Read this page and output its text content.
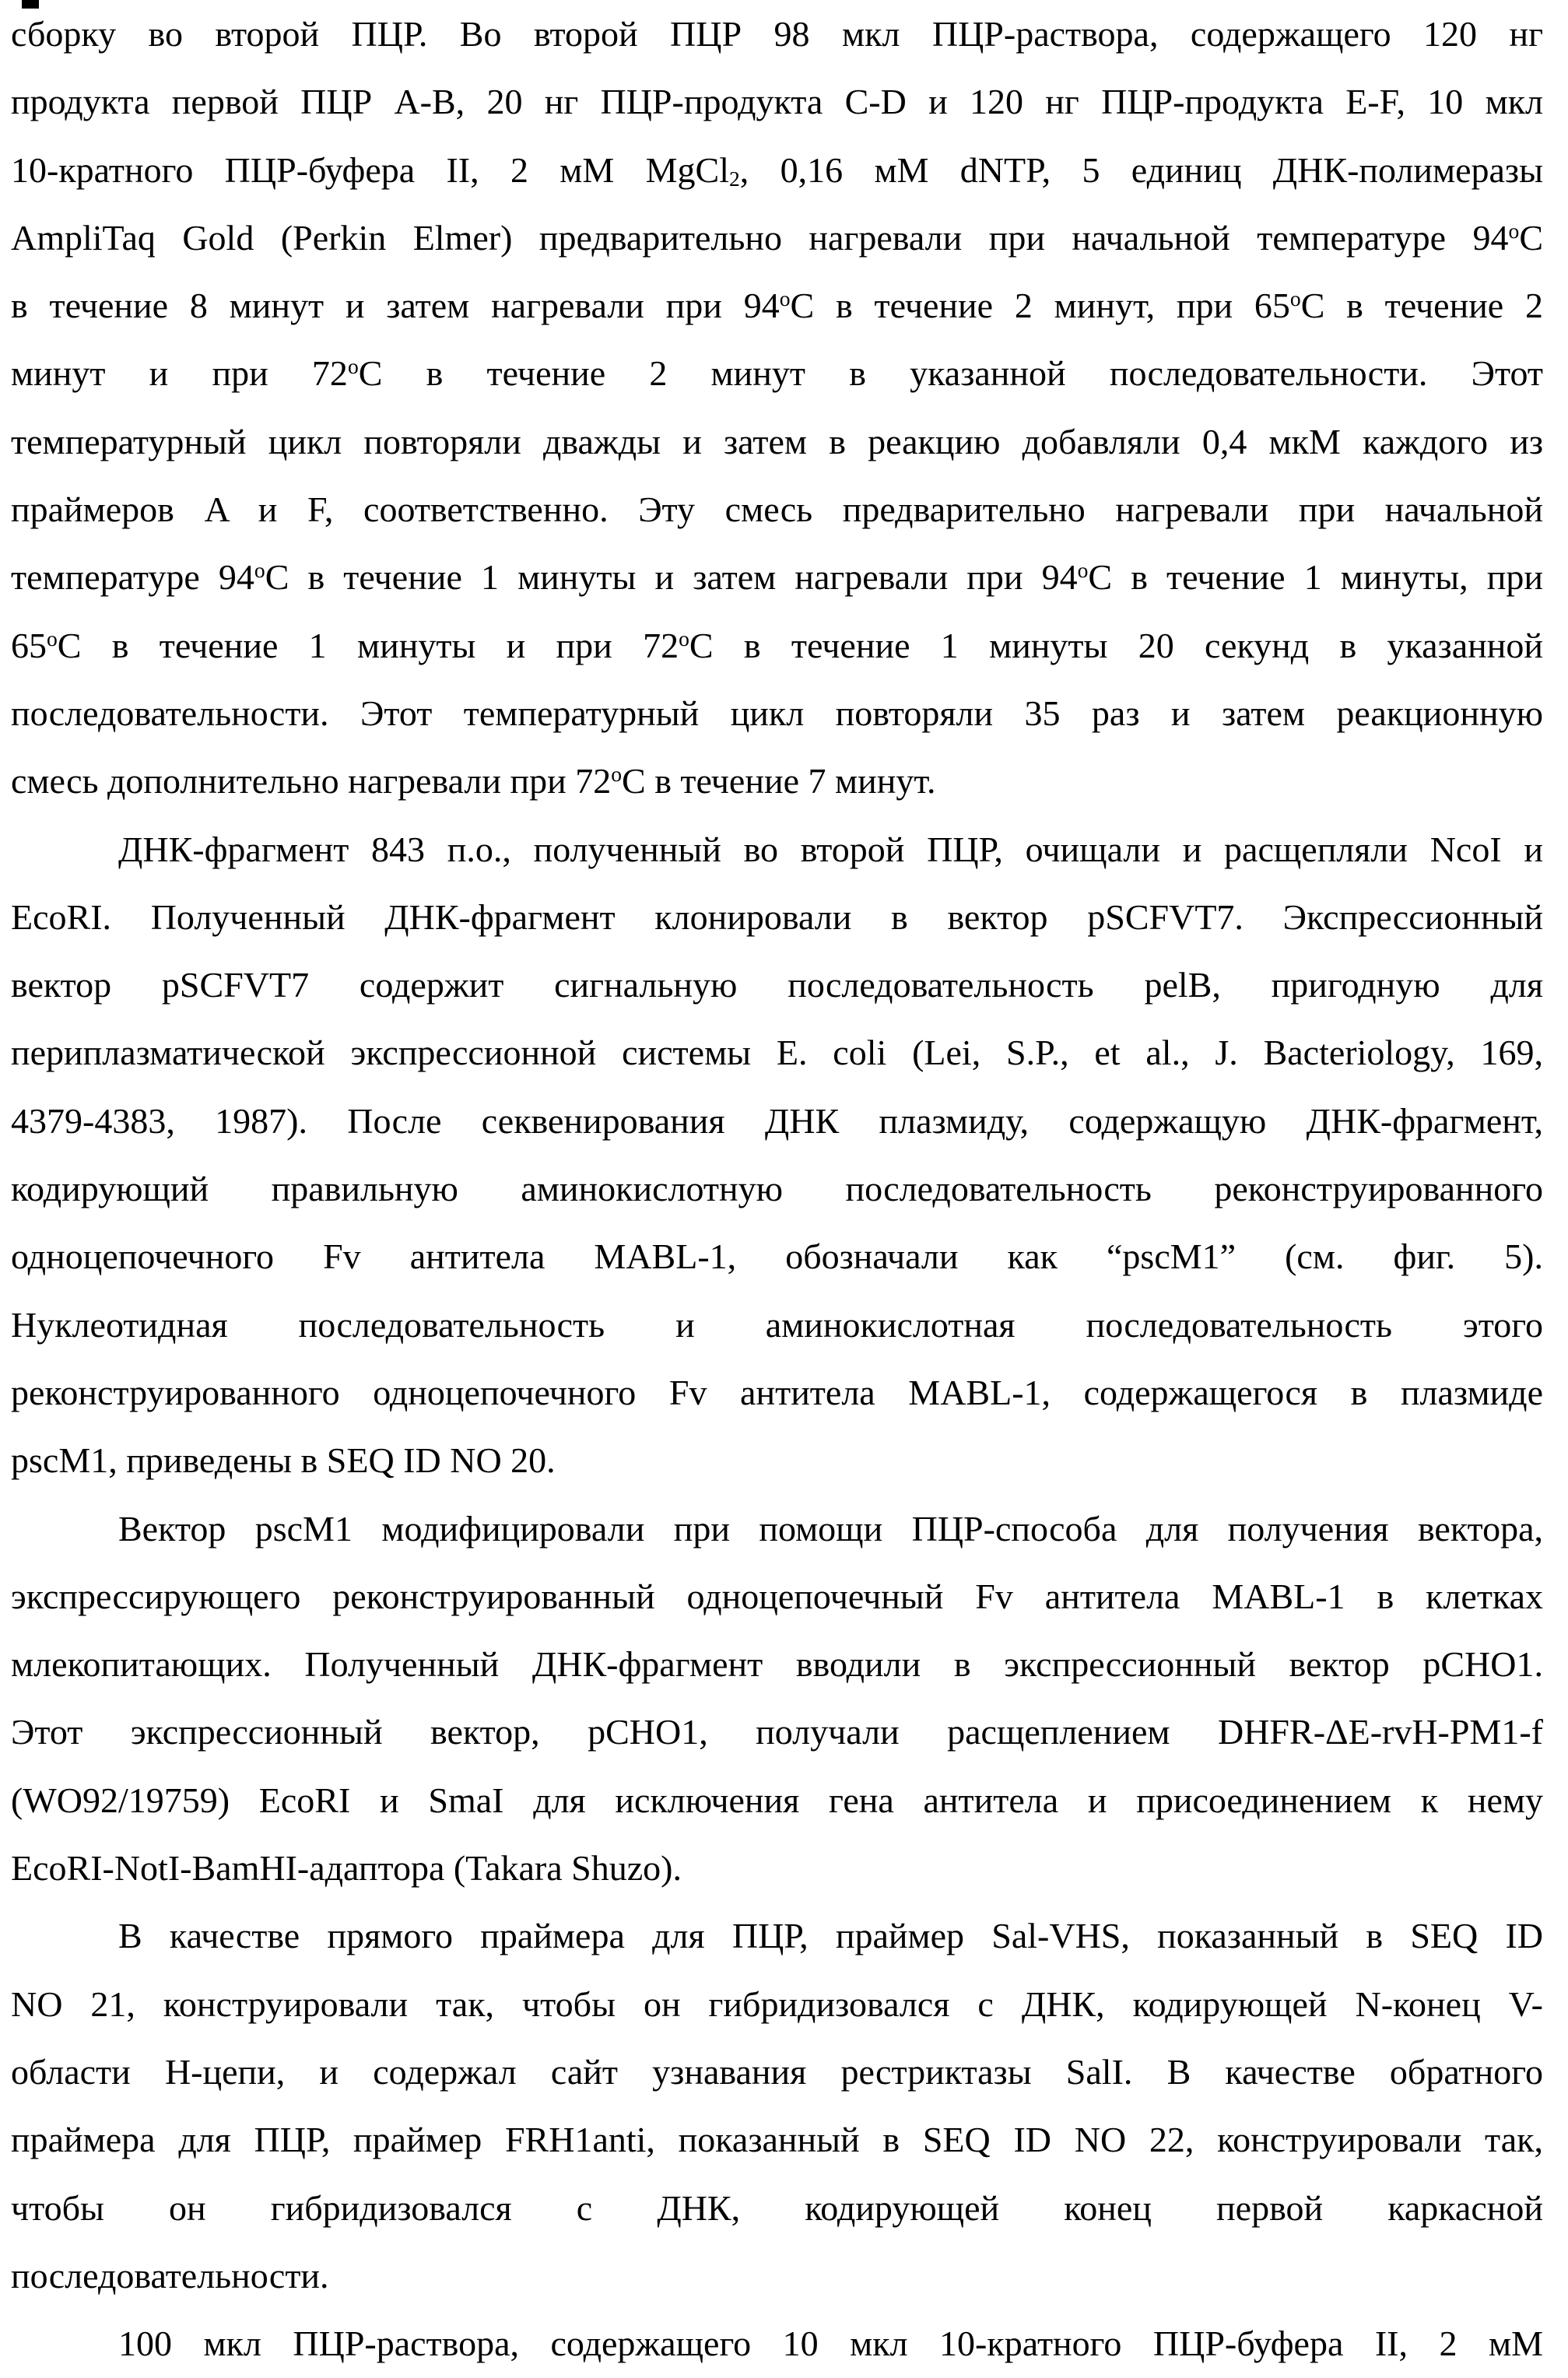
сборку во второй ПЦР. Во второй ПЦР 98 мкл ПЦР-раствора, содержащего 120 нг
продукта первой ПЦР A-B, 20 нг ПЦР-продукта C-D и 120 нг ПЦР-продукта E-F, 10 мкл
10-кратного ПЦР-буфера II, 2 мМ MgCl$_2$, 0,16 мМ dNTP, 5 единиц ДНК-полимеразы
AmpliTaq Gold (Perkin Elmer) предварительно нагревали при начальной температуре $94^оС$
в течение 8 минут и затем нагревали при $94^оС$ в течение 2 минут, при $65^оС$ в течение 2
минут и при $72^оС$ в течение 2 минут в указанной последовательности. Этот
температурный цикл повторяли дважды и затем в реакцию добавляли 0,4 мкМ каждого из
праймеров A и F, соответственно. Эту смесь предварительно нагревали при начальной
температуре $94^оС$ в течение 1 минуты и затем нагревали при $94^оС$ в течение 1 минуты, при
$65^оС$ в течение 1 минуты и при $72^оС$ в течение 1 минуты 20 секунд в указанной
последовательности. Этот температурный цикл повторяли 35 раз и затем реакционную
смесь дополнительно нагревали при $72^оС$ в течение 7 минут.
ДНК-фрагмент 843 п.о., полученный во второй ПЦР, очищали и расщепляли NcoI и
EcoRI. Полученный ДНК-фрагмент клонировали в вектор pSCFVT7. Экспрессионный
вектор pSCFVT7 содержит сигнальную последовательность pelB, пригодную для
периплазматической экспрессионной системы E. coli (Lei, S.P., et al., J. Bacteriology, 169,
4379-4383, 1987). После секвенирования ДНК плазмиду, содержащую ДНК-фрагмент,
кодирующий правильную аминокислотную последовательность реконструированного
одноцепочечного Fv антитела MABL-1, обозначали как “pscM1” (см. фиг. 5).
Нуклеотидная последовательность и аминокислотная последовательность этого
реконструированного одноцепочечного Fv антитела MABL-1, содержащегося в плазмиде
pscM1, приведены в SEQ ID NO 20.
Вектор pscM1 модифицировали при помощи ПЦР-способа для получения вектора,
экспрессирующего реконструированный одноцепочечный Fv антитела MABL-1 в клетках
млекопитающих. Полученный ДНК-фрагмент вводили в экспрессионный вектор pCHO1.
Этот экспрессионный вектор, pCHO1, получали расщеплением DHFR-ΔE-rvH-PM1-f
(WO92/19759) EcoRI и SmaI для исключения гена антитела и присоединением к нему
EcoRI-NotI-BamHI-адаптора (Takara Shuzo).
В качестве прямого праймера для ПЦР, праймер Sal-VHS, показанный в SEQ ID
NO 21, конструировали так, чтобы он гибридизовался с ДНК, кодирующей N-конец V-
области H-цепи, и содержал сайт узнавания рестриктазы SalI. В качестве обратного
праймера для ПЦР, праймер FRH1anti, показанный в SEQ ID NO 22, конструировали так,
чтобы он гибридизовался с ДНК, кодирующей конец первой каркасной
последовательности.
100 мкл ПЦР-раствора, содержащего 10 мкл 10-кратного ПЦР-буфера II, 2 мМ
